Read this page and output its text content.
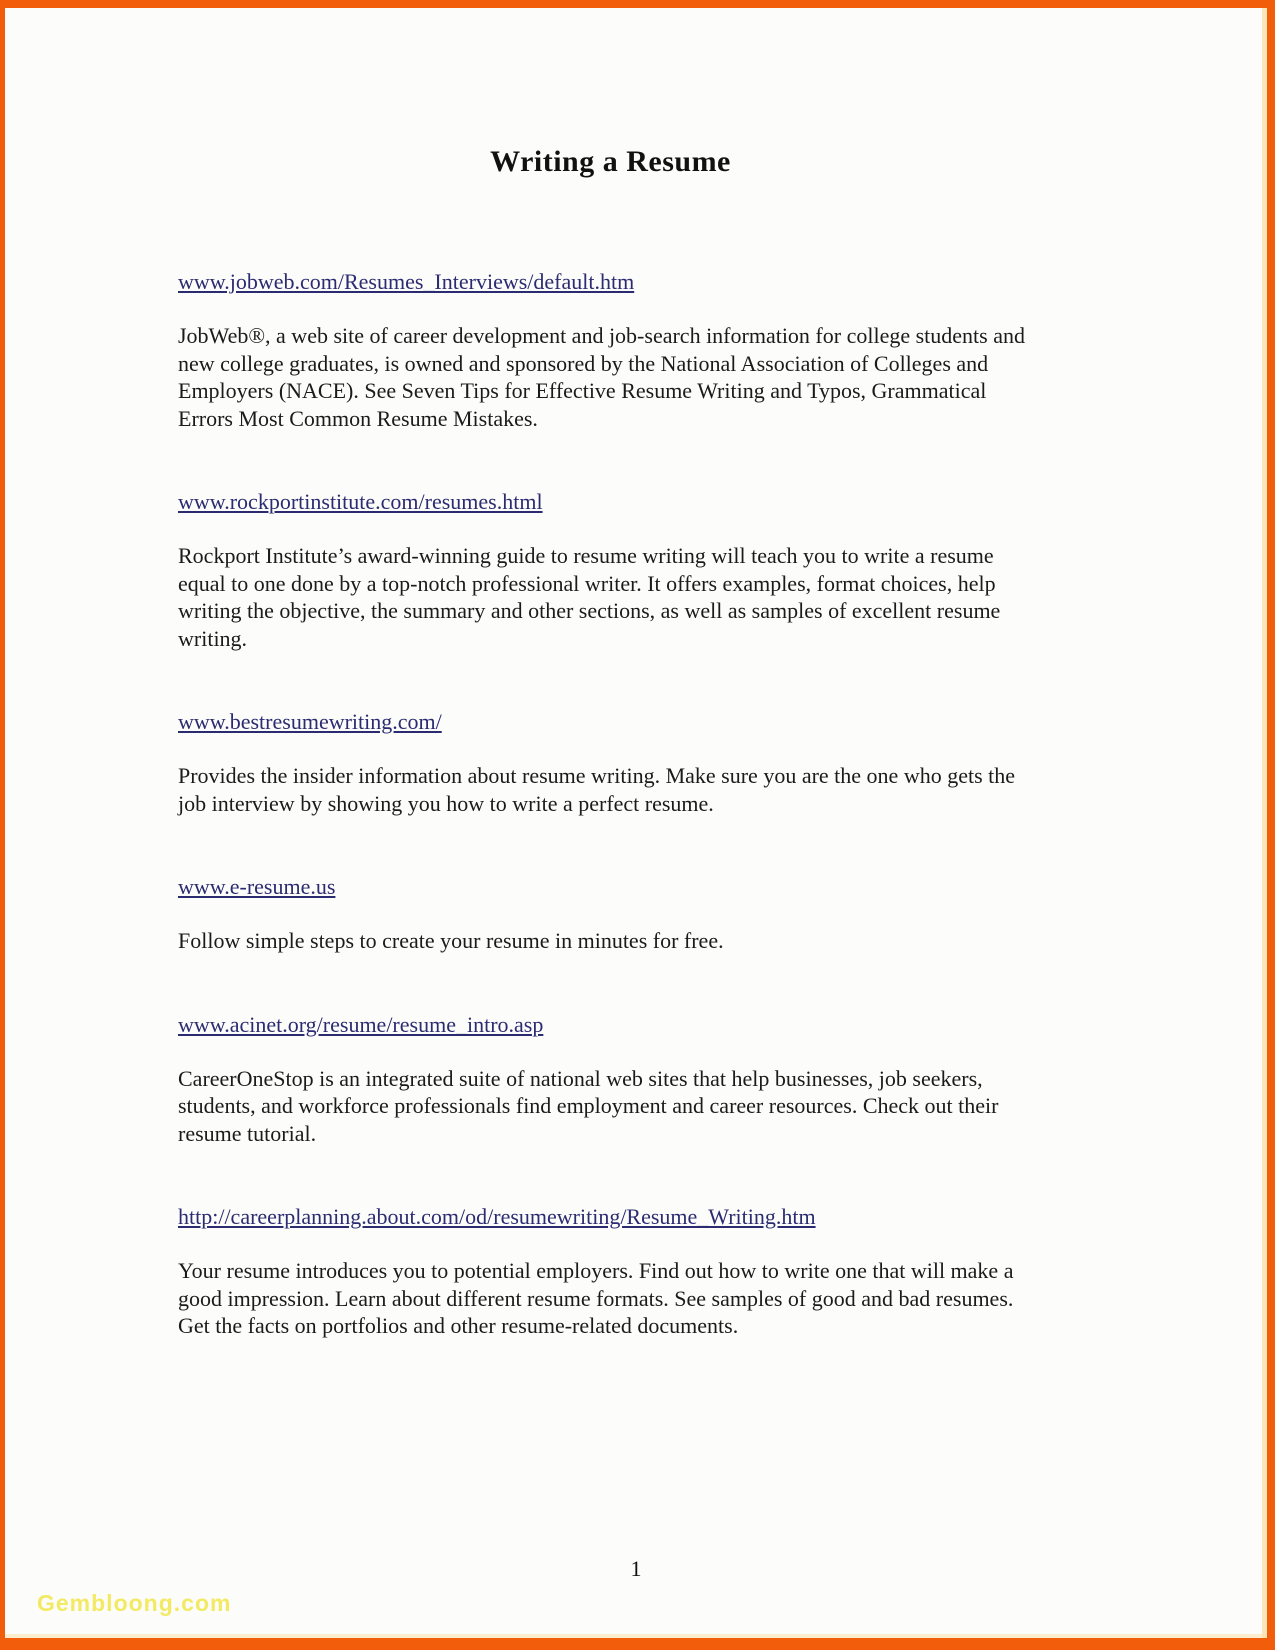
Writing a Resume
www.jobweb.com/Resumes_Interviews/default.htm

JobWeb®, a web site of career development and job-search information for college students and new college graduates, is owned and sponsored by the National Association of Colleges and Employers (NACE). See Seven Tips for Effective Resume Writing and Typos, Grammatical Errors Most Common Resume Mistakes.

www.rockportinstitute.com/resumes.html

Rockport Institute’s award-winning guide to resume writing will teach you to write a resume equal to one done by a top-notch professional writer. It offers examples, format choices, help writing the objective, the summary and other sections, as well as samples of excellent resume writing.

www.bestresumewriting.com/

Provides the insider information about resume writing. Make sure you are the one who gets the job interview by showing you how to write a perfect resume.

www.e-resume.us

Follow simple steps to create your resume in minutes for free.

www.acinet.org/resume/resume_intro.asp

CareerOneStop is an integrated suite of national web sites that help businesses, job seekers, students, and workforce professionals find employment and career resources. Check out their resume tutorial.

http://careerplanning.about.com/od/resumewriting/Resume_Writing.htm

Your resume introduces you to potential employers. Find out how to write one that will make a good impression. Learn about different resume formats. See samples of good and bad resumes. Get the facts on portfolios and other resume-related documents.

1
Gembloong.com
